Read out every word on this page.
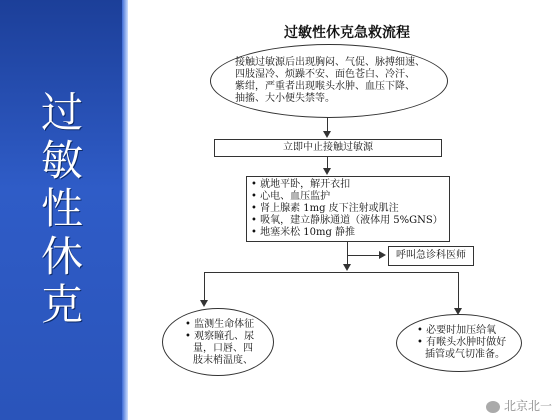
过
敏
性
休
克
过敏性休克急救流程
接触过敏源后出现胸闷、气促、脉搏细速、
四肢湿冷、烦躁不安、面色苍白、冷汗、
紫绀，严重者出现喉头水肿、血压下降、
抽搐、大小便失禁等。
立即中止接触过敏源
• 就地平卧，解开衣扣
• 心电、血压监护
• 肾上腺素 1mg 皮下注射或肌注
• 吸氧，建立静脉通道（液体用 5%GNS）
• 地塞米松 10mg 静推
呼叫急诊科医师
• 监测生命体征
• 观察瞳孔、尿
量，口唇、四
肢末梢温度、
• 必要时加压给氧
• 有喉头水肿时做好
插管或气切准备。
北京北一
